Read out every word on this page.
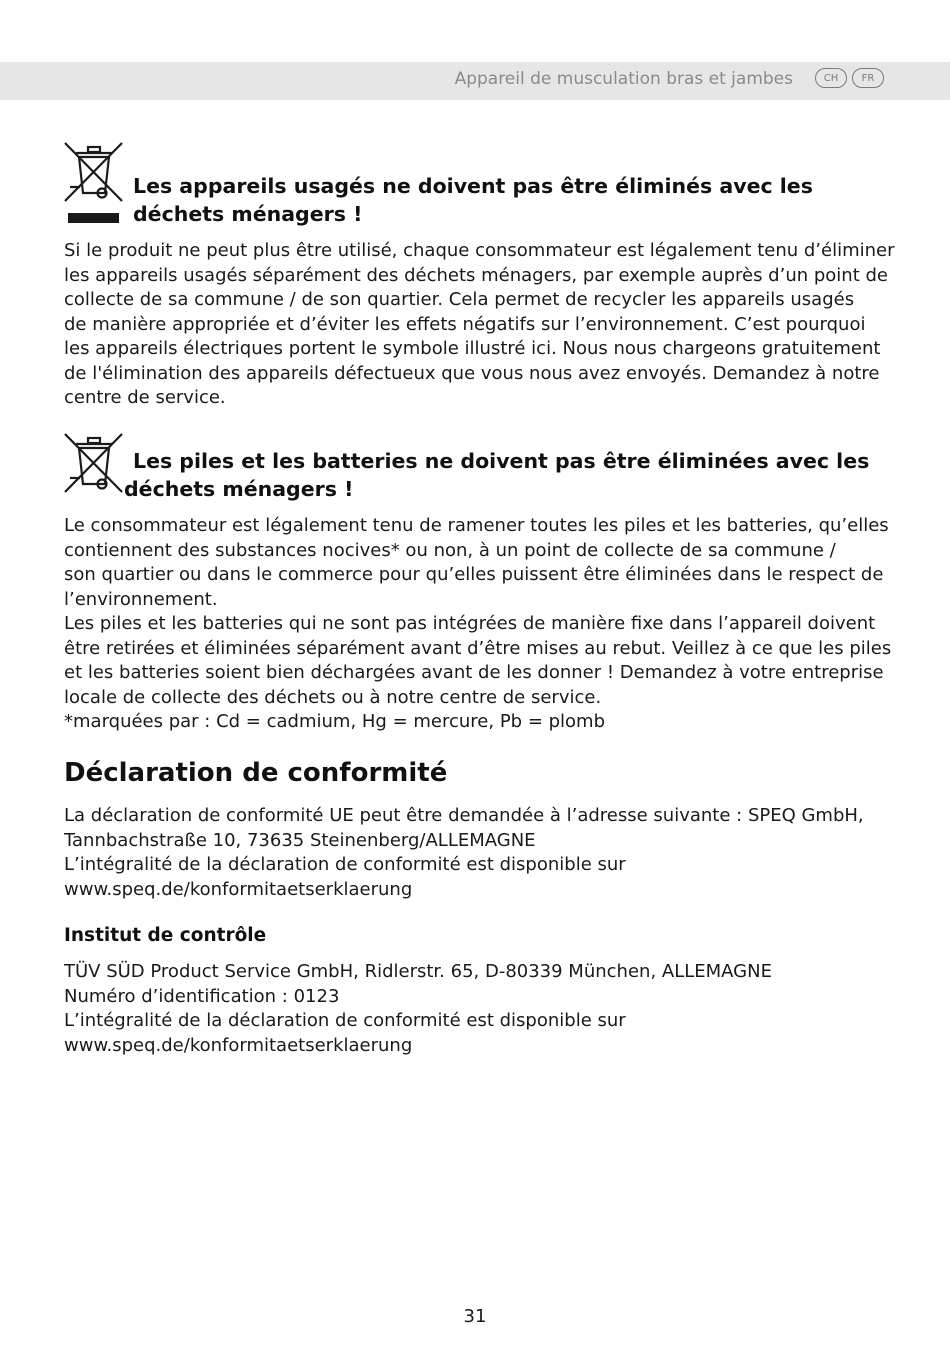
Appareil de musculation bras et jambes	CH	FR
Les appareils usagés ne doivent pas être éliminés avec les
déchets ménagers !
Si le produit ne peut plus être utilisé, chaque consommateur est légalement tenu d’éliminer
les appareils usagés séparément des déchets ménagers, par exemple auprès d’un point de
collecte de sa commune / de son quartier. Cela permet de recycler les appareils usagés
de manière appropriée et d’éviter les effets négatifs sur l’environnement. C’est pourquoi
les appareils électriques portent le symbole illustré ici. Nous nous chargeons gratuitement
de l'élimination des appareils défectueux que vous nous avez envoyés. Demandez à notre
centre de service.
Les piles et les batteries ne doivent pas être éliminées avec les
déchets ménagers !
Le consommateur est légalement tenu de ramener toutes les piles et les batteries, qu’elles
contiennent des substances nocives* ou non, à un point de collecte de sa commune /
son quartier ou dans le commerce pour qu’elles puissent être éliminées dans le respect de
l’environnement.
Les piles et les batteries qui ne sont pas intégrées de manière fixe dans l’appareil doivent
être retirées et éliminées séparément avant d’être mises au rebut. Veillez à ce que les piles
et les batteries soient bien déchargées avant de les donner ! Demandez à votre entreprise
locale de collecte des déchets ou à notre centre de service.
*marquées par : Cd = cadmium, Hg = mercure, Pb = plomb
Déclaration de conformité
La déclaration de conformité UE peut être demandée à l’adresse suivante : SPEQ GmbH,
Tannbachstraße 10, 73635 Steinenberg/ALLEMAGNE
L’intégralité de la déclaration de conformité est disponible sur
www.speq.de/konformitaetserklaerung
Institut de contrôle
TÜV SÜD Product Service GmbH, Ridlerstr. 65, D-80339 München, ALLEMAGNE
Numéro d’identification : 0123
L’intégralité de la déclaration de conformité est disponible sur
www.speq.de/konformitaetserklaerung
31
